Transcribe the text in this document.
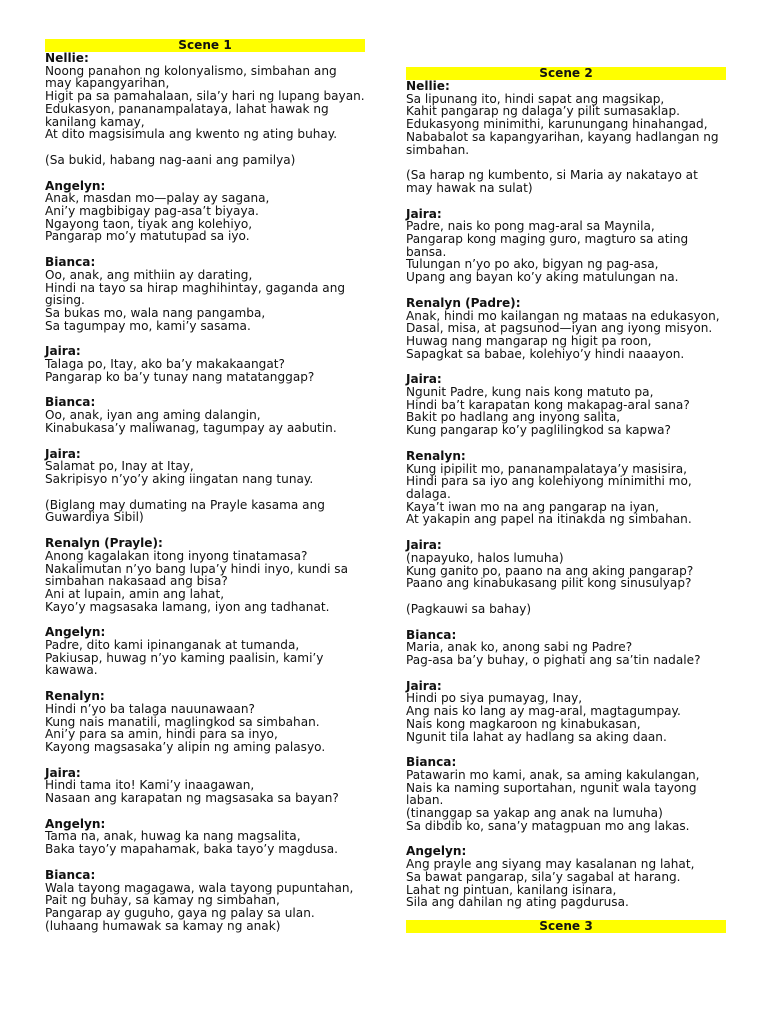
Scene 1
Nellie:
Noong panahon ng kolonyalismo, simbahan ang may kapangyarihan,
Higit pa sa pamahalaan, sila’y hari ng lupang bayan.
Edukasyon, pananampalataya, lahat hawak ng kanilang kamay,
At dito magsisimula ang kwento ng ating buhay.
(Sa bukid, habang nag-aani ang pamilya)
Angelyn:
Anak, masdan mo—palay ay sagana,
Ani’y magbibigay pag-asa’t biyaya.
Ngayong taon, tiyak ang kolehiyo,
Pangarap mo’y matutupad sa iyo.
Bianca:
Oo, anak, ang mithiin ay darating,
Hindi na tayo sa hirap maghihintay, gaganda ang gising.
Sa bukas mo, wala nang pangamba,
Sa tagumpay mo, kami’y sasama.
Jaira:
Talaga po, Itay, ako ba’y makakaangat?
Pangarap ko ba’y tunay nang matatanggap?
Bianca:
Oo, anak, iyan ang aming dalangin,
Kinabukasa’y maliwanag, tagumpay ay aabutin.
Jaira:
Salamat po, Inay at Itay,
Sakripisyo n’yo’y aking iingatan nang tunay.
(Biglang may dumating na Prayle kasama ang Guwardiya Sibil)
Renalyn (Prayle):
Anong kagalakan itong inyong tinatamasa?
Nakalimutan n’yo bang lupa’y hindi inyo, kundi sa simbahan nakasaad ang bisa?
Ani at lupain, amin ang lahat,
Kayo’y magsasaka lamang, iyon ang tadhanat.
Angelyn:
Padre, dito kami ipinanganak at tumanda,
Pakiusap, huwag n’yo kaming paalisin, kami’y kawawa.
Renalyn:
Hindi n’yo ba talaga nauunawaan?
Kung nais manatili, maglingkod sa simbahan.
Ani’y para sa amin, hindi para sa inyo,
Kayong magsasaka’y alipin ng aming palasyo.
Jaira:
Hindi tama ito! Kami’y inaagawan,
Nasaan ang karapatan ng magsasaka sa bayan?
Angelyn:
Tama na, anak, huwag ka nang magsalita,
Baka tayo’y mapahamak, baka tayo’y magdusa.
Bianca:
Wala tayong magagawa, wala tayong pupuntahan,
Pait ng buhay, sa kamay ng simbahan,
Pangarap ay guguho, gaya ng palay sa ulan.
(luhaang humawak sa kamay ng anak)
Scene 2
Nellie:
Sa lipunang ito, hindi sapat ang magsikap,
Kahit pangarap ng dalaga’y pilit sumasaklap.
Edukasyong minimithi, karunungang hinahangad,
Nababalot sa kapangyarihan, kayang hadlangan ng simbahan.
(Sa harap ng kumbento, si Maria ay nakatayo at may hawak na sulat)
Jaira:
Padre, nais ko pong mag-aral sa Maynila,
Pangarap kong maging guro, magturo sa ating bansa.
Tulungan n’yo po ako, bigyan ng pag-asa,
Upang ang bayan ko’y aking matulungan na.
Renalyn (Padre):
Anak, hindi mo kailangan ng mataas na edukasyon,
Dasal, misa, at pagsunod—iyan ang iyong misyon.
Huwag nang mangarap ng higit pa roon,
Sapagkat sa babae, kolehiyo’y hindi naaayon.
Jaira:
Ngunit Padre, kung nais kong matuto pa,
Hindi ba’t karapatan kong makapag-aral sana?
Bakit po hadlang ang inyong salita,
Kung pangarap ko’y paglilingkod sa kapwa?
Renalyn:
Kung ipipilit mo, pananampalataya’y masisira,
Hindi para sa iyo ang kolehiyong minimithi mo, dalaga.
Kaya’t iwan mo na ang pangarap na iyan,
At yakapin ang papel na itinakda ng simbahan.
Jaira:
(napayuko, halos lumuha)
Kung ganito po, paano na ang aking pangarap?
Paano ang kinabukasang pilit kong sinusulyap?
(Pagkauwi sa bahay)
Bianca:
Maria, anak ko, anong sabi ng Padre?
Pag-asa ba’y buhay, o pighati ang sa’tin nadale?
Jaira:
Hindi po siya pumayag, Inay,
Ang nais ko lang ay mag-aral, magtagumpay.
Nais kong magkaroon ng kinabukasan,
Ngunit tila lahat ay hadlang sa aking daan.
Bianca:
Patawarin mo kami, anak, sa aming kakulangan,
Nais ka naming suportahan, ngunit wala tayong laban.
(tinanggap sa yakap ang anak na lumuha)
Sa dibdib ko, sana’y matagpuan mo ang lakas.
Angelyn:
Ang prayle ang siyang may kasalanan ng lahat,
Sa bawat pangarap, sila’y sagabal at harang.
Lahat ng pintuan, kanilang isinara,
Sila ang dahilan ng ating pagdurusa.
Scene 3
